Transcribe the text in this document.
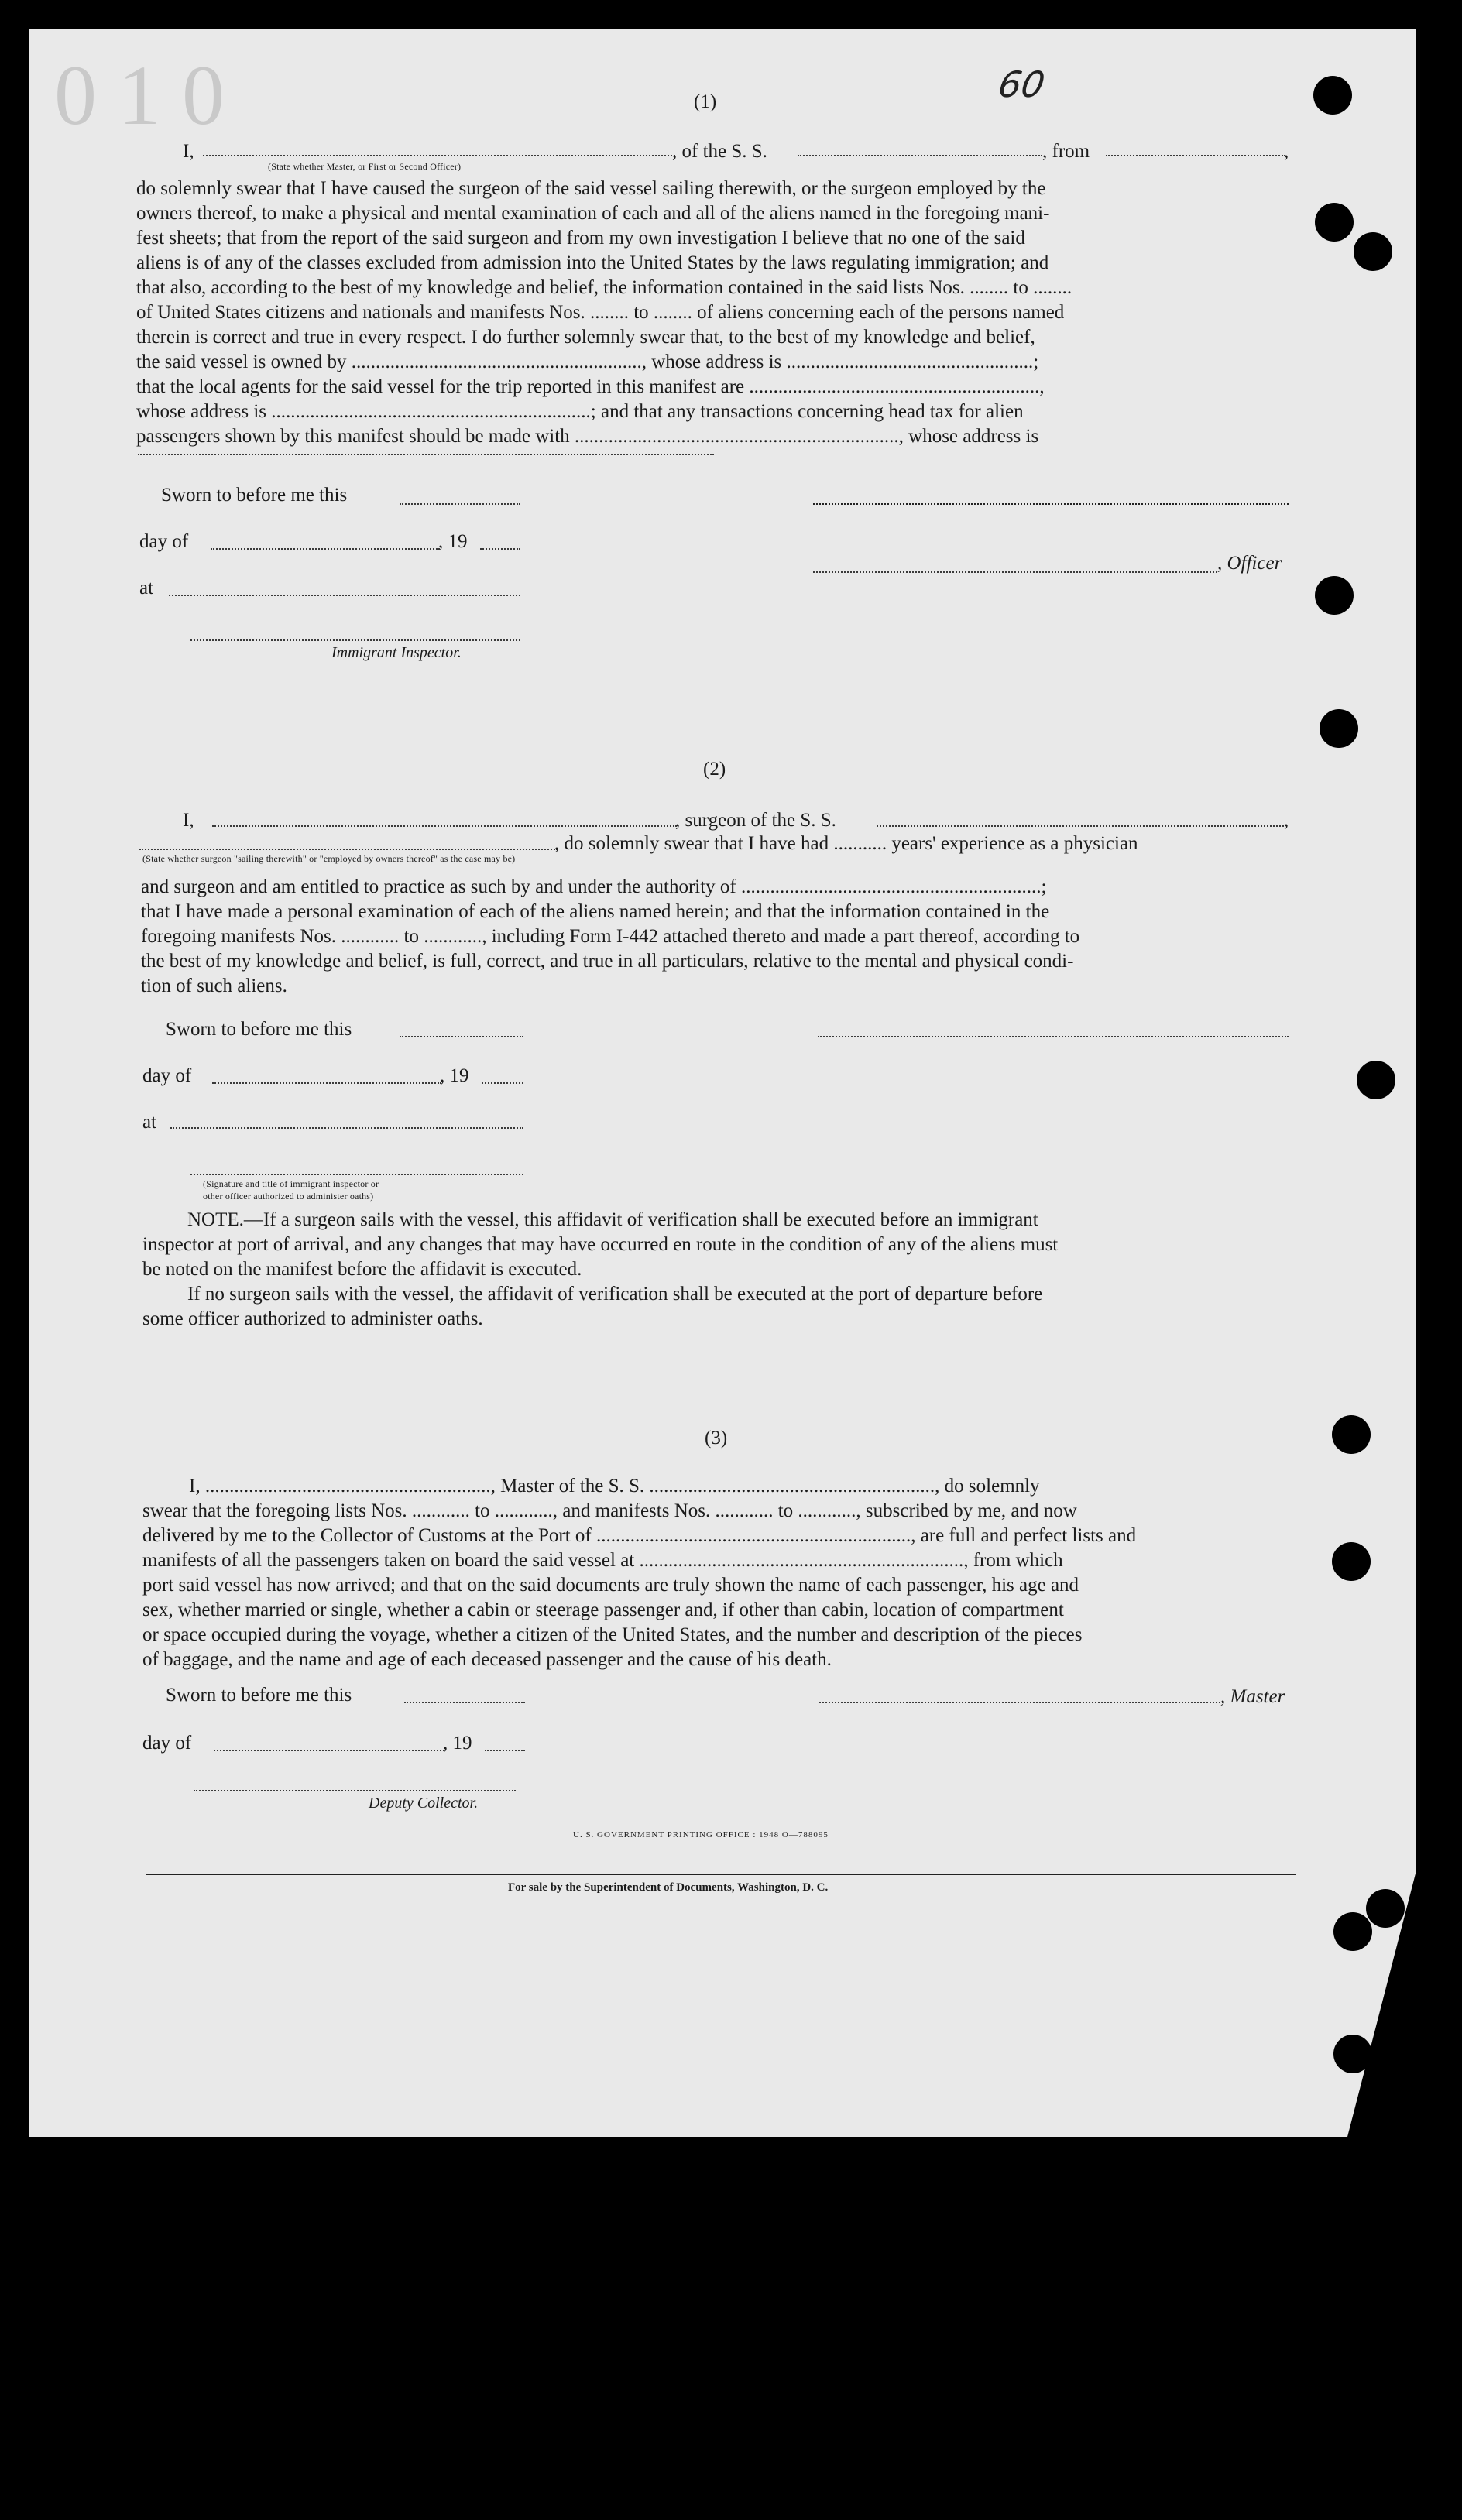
0 1 0	60
(1)
I,	, of the S. S.	, from	,
(State whether Master, or First or Second Officer)
do solemnly swear that I have caused the surgeon of the said vessel sailing therewith, or the surgeon employed by the
owners thereof, to make a physical and mental examination of each and all of the aliens named in the foregoing mani-
fest sheets; that from the report of the said surgeon and from my own investigation I believe that no one of the said
aliens is of any of the classes excluded from admission into the United States by the laws regulating immigration; and
that also, according to the best of my knowledge and belief, the information contained in the said lists Nos. ........ to ........
of United States citizens and nationals and manifests Nos. ........ to ........ of aliens concerning each of the persons named
therein is correct and true in every respect. I do further solemnly swear that, to the best of my knowledge and belief,
the said vessel is owned by ............................................................, whose address is ...................................................;
that the local agents for the said vessel for the trip reported in this manifest are ............................................................,
whose address is ..................................................................; and that any transactions concerning head tax for alien
passengers shown by this manifest should be made with ..................................................................., whose address is
Sworn to before me this
day of	, 19
, Officer
at
Immigrant Inspector.
(2)
I,	, surgeon of the S. S.	,
, do solemnly swear that I have had ........... years' experience as a physician
(State whether surgeon "sailing therewith" or "employed by owners thereof" as the case may be)
and surgeon and am entitled to practice as such by and under the authority of ..............................................................;
that I have made a personal examination of each of the aliens named herein; and that the information contained in the
foregoing manifests Nos. ............ to ............, including Form I-442 attached thereto and made a part thereof, according to
the best of my knowledge and belief, is full, correct, and true in all particulars, relative to the mental and physical condi-
tion of such aliens.
Sworn to before me this
day of	, 19
at
(Signature and title of immigrant inspector or
other officer authorized to administer oaths)
NOTE.—If a surgeon sails with the vessel, this affidavit of verification shall be executed before an immigrant
inspector at port of arrival, and any changes that may have occurred en route in the condition of any of the aliens must
be noted on the manifest before the affidavit is executed.
If no surgeon sails with the vessel, the affidavit of verification shall be executed at the port of departure before
some officer authorized to administer oaths.
(3)
I, ..........................................................., Master of the S. S. ..........................................................., do solemnly
swear that the foregoing lists Nos. ............ to ............, and manifests Nos. ............ to ............, subscribed by me, and now
delivered by me to the Collector of Customs at the Port of ................................................................., are full and perfect lists and
manifests of all the passengers taken on board the said vessel at ..................................................................., from which
port said vessel has now arrived; and that on the said documents are truly shown the name of each passenger, his age and
sex, whether married or single, whether a cabin or steerage passenger and, if other than cabin, location of compartment
or space occupied during the voyage, whether a citizen of the United States, and the number and description of the pieces
of baggage, and the name and age of each deceased passenger and the cause of his death.
Sworn to before me this	, Master
day of	, 19
Deputy Collector.
U. S. GOVERNMENT PRINTING OFFICE : 1948 O—788095
For sale by the Superintendent of Documents, Washington, D. C.
